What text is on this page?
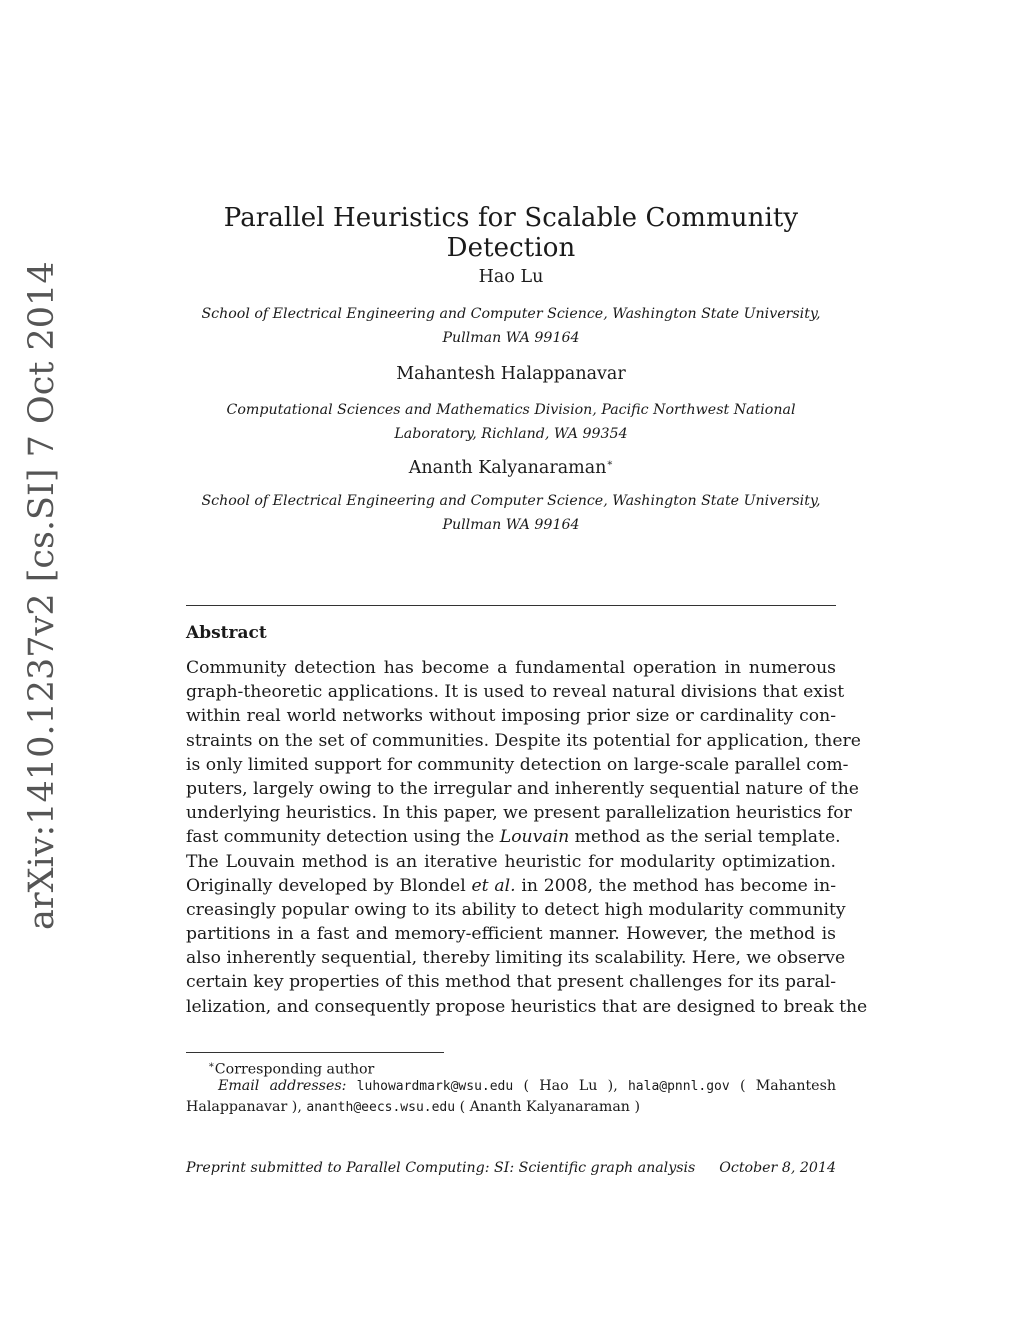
arXiv:1410.1237v2 [cs.SI] 7 Oct 2014
Parallel Heuristics for Scalable Community Detection
Hao Lu
School of Electrical Engineering and Computer Science, Washington State University,
Pullman WA 99164
Mahantesh Halappanavar
Computational Sciences and Mathematics Division, Pacific Northwest National
Laboratory, Richland, WA 99354
Ananth Kalyanaraman∗
School of Electrical Engineering and Computer Science, Washington State University,
Pullman WA 99164
Abstract
Community detection has become a fundamental operation in numerous
graph-theoretic applications. It is used to reveal natural divisions that exist
within real world networks without imposing prior size or cardinality con-
straints on the set of communities. Despite its potential for application, there
is only limited support for community detection on large-scale parallel com-
puters, largely owing to the irregular and inherently sequential nature of the
underlying heuristics. In this paper, we present parallelization heuristics for
fast community detection using the Louvain method as the serial template.
The Louvain method is an iterative heuristic for modularity optimization.
Originally developed by Blondel et al. in 2008, the method has become in-
creasingly popular owing to its ability to detect high modularity community
partitions in a fast and memory-efficient manner. However, the method is
also inherently sequential, thereby limiting its scalability. Here, we observe
certain key properties of this method that present challenges for its paral-
lelization, and consequently propose heuristics that are designed to break the
∗Corresponding author
Email addresses: luhowardmark@wsu.edu ( Hao Lu ), hala@pnnl.gov ( Mahantesh
Halappanavar ), ananth@eecs.wsu.edu ( Ananth Kalyanaraman )
Preprint submitted to Parallel Computing: SI: Scientific graph analysis October 8, 2014
